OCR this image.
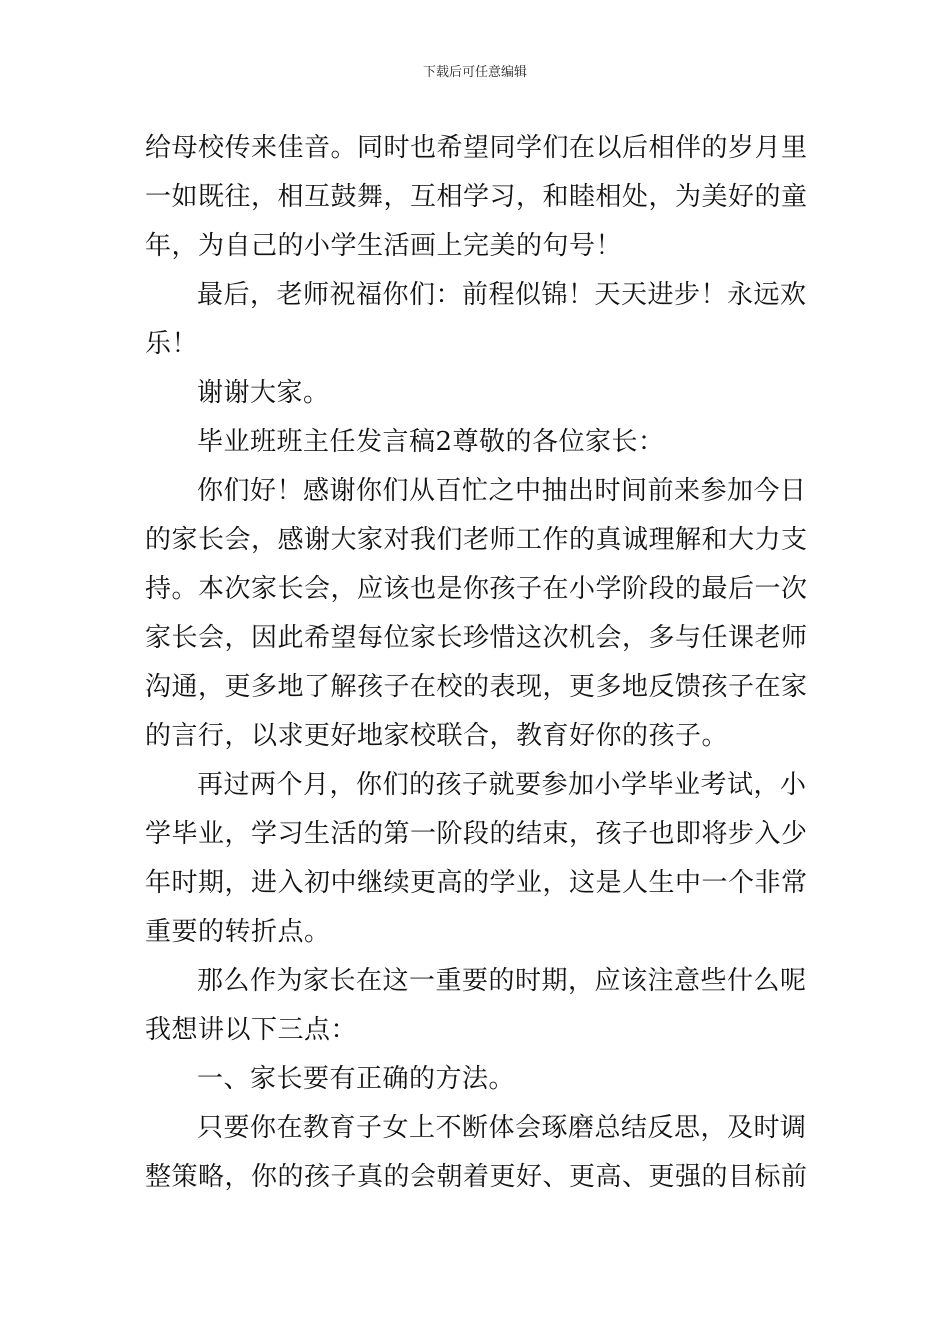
下载后可任意编辑
给母校传来佳音。同时也希望同学们在以后相伴的岁月里
一如既往，相互鼓舞，互相学习，和睦相处，为美好的童
年，为自己的小学生活画上完美的句号！
最后，老师祝福你们：前程似锦！天天进步！永远欢
乐！
谢谢大家。
毕业班班主任发言稿2尊敬的各位家长：
你们好！感谢你们从百忙之中抽出时间前来参加今日
的家长会，感谢大家对我们老师工作的真诚理解和大力支
持。本次家长会，应该也是你孩子在小学阶段的最后一次
家长会，因此希望每位家长珍惜这次机会，多与任课老师
沟通，更多地了解孩子在校的表现，更多地反馈孩子在家
的言行，以求更好地家校联合，教育好你的孩子。
再过两个月，你们的孩子就要参加小学毕业考试，小
学毕业，学习生活的第一阶段的结束，孩子也即将步入少
年时期，进入初中继续更高的学业，这是人生中一个非常
重要的转折点。
那么作为家长在这一重要的时期，应该注意些什么呢
我想讲以下三点：
一、家长要有正确的方法。
只要你在教育子女上不断体会琢磨总结反思，及时调
整策略，你的孩子真的会朝着更好、更高、更强的目标前
